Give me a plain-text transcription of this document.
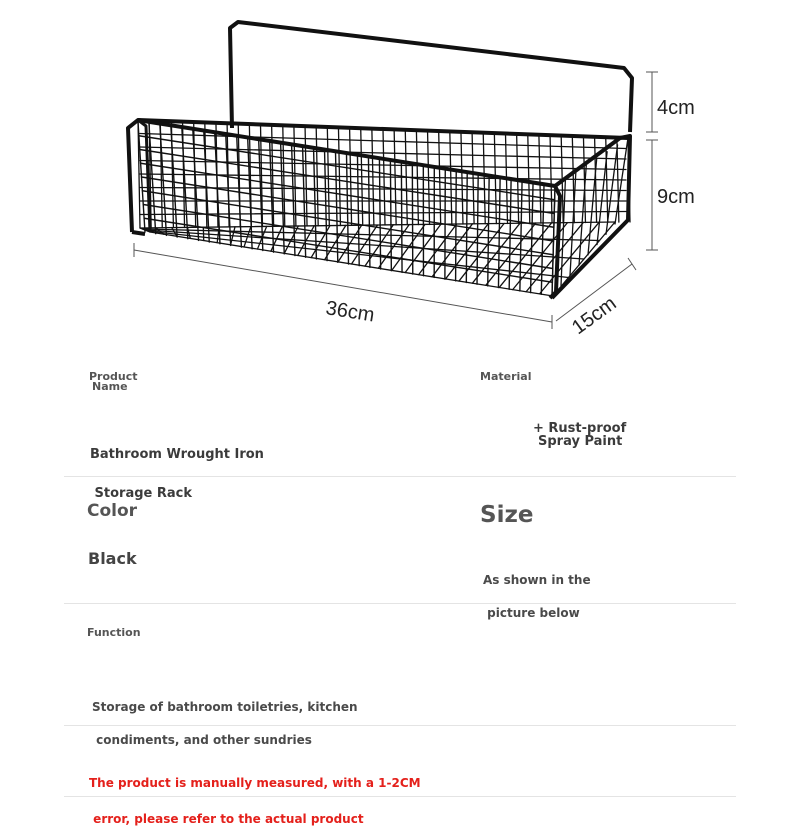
4cm
9cm
36cm	15cm
Product
Name

Bathroom Wrought Iron

Storage Rack

Material
+ Rust-proof
Spray Paint
Color	Size
Black

As shown in the

picture below

Function

Storage of bathroom toiletries, kitchen

condiments, and other sundries

The product is manually measured, with a 1-2CM

error, please refer to the actual product
